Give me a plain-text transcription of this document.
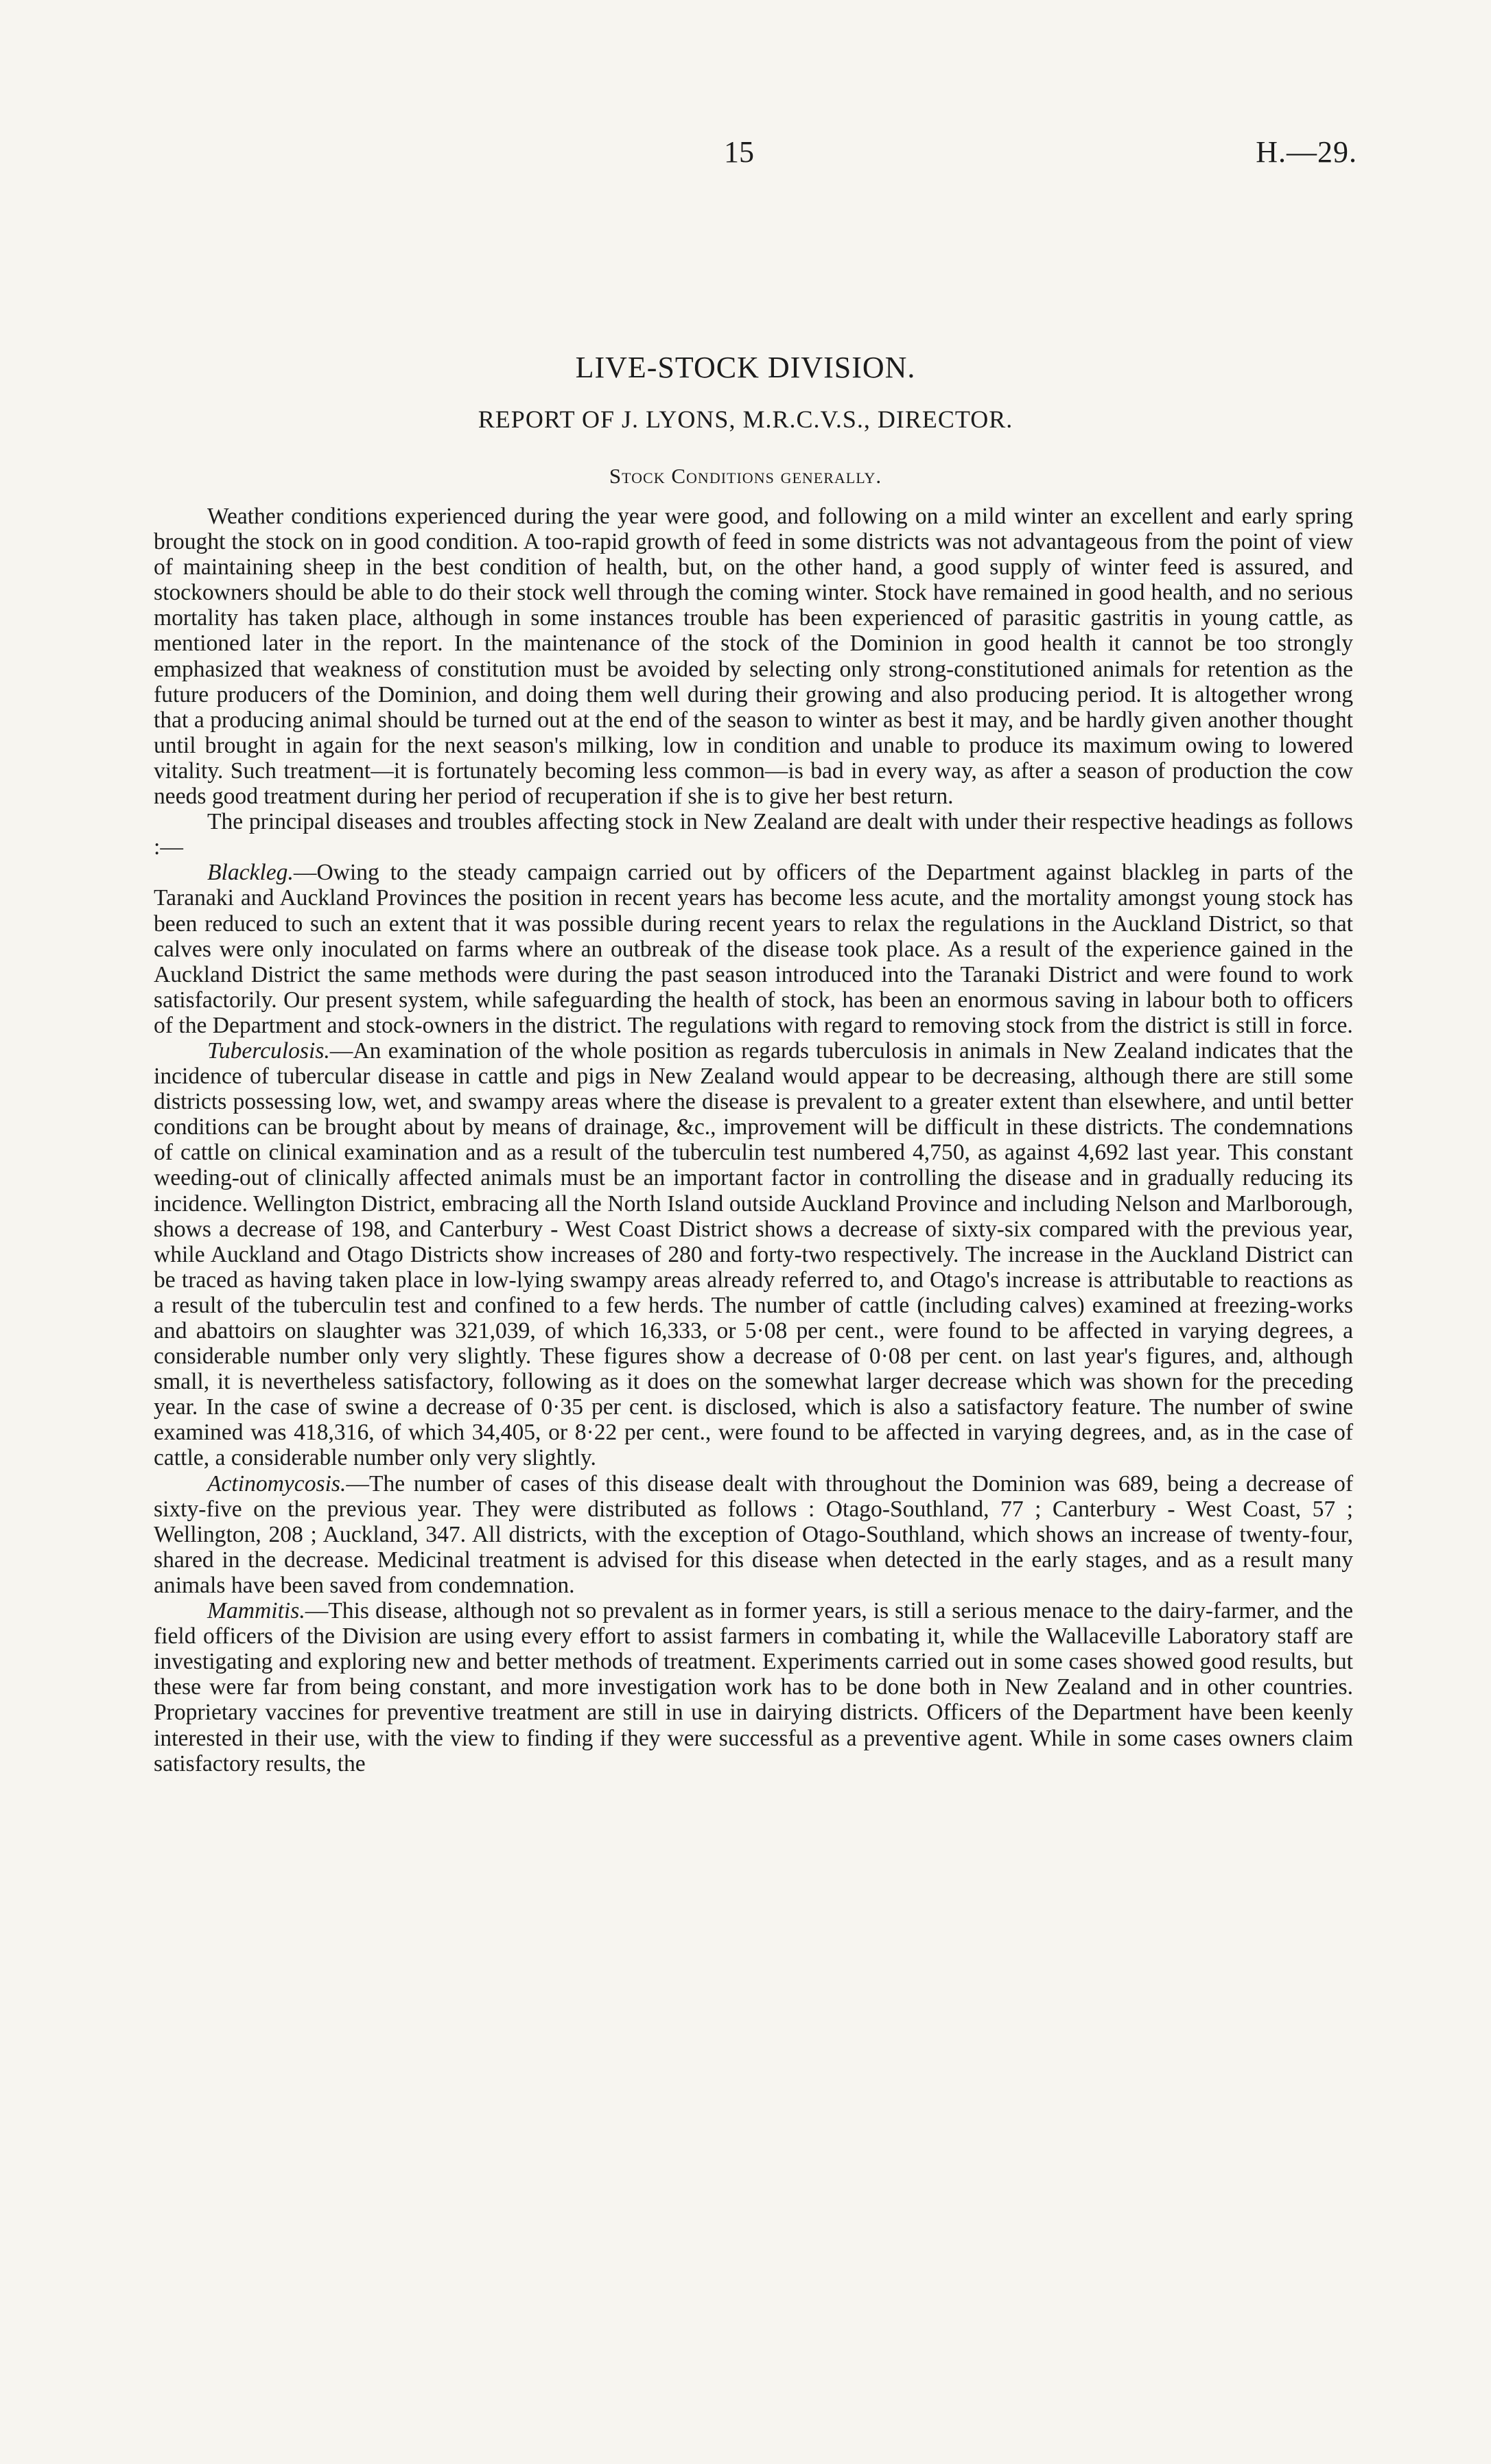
15	H.—29.
LIVE-STOCK DIVISION.
REPORT OF J. LYONS, M.R.C.V.S., DIRECTOR.
Stock Conditions generally.

Weather conditions experienced during the year were good, and following on a mild winter an excellent and early spring brought the stock on in good condition. A too-rapid growth of feed in some districts was not advantageous from the point of view of maintaining sheep in the best condition of health, but, on the other hand, a good supply of winter feed is assured, and stockowners should be able to do their stock well through the coming winter. Stock have remained in good health, and no serious mortality has taken place, although in some instances trouble has been experienced of parasitic gastritis in young cattle, as mentioned later in the report. In the maintenance of the stock of the Dominion in good health it cannot be too strongly emphasized that weakness of constitution must be avoided by selecting only strong-constitutioned animals for retention as the future producers of the Dominion, and doing them well during their growing and also producing period. It is altogether wrong that a producing animal should be turned out at the end of the season to winter as best it may, and be hardly given another thought until brought in again for the next season's milking, low in condition and unable to produce its maximum owing to lowered vitality. Such treatment—it is fortunately becoming less common—is bad in every way, as after a season of production the cow needs good treatment during her period of recuperation if she is to give her best return.

The principal diseases and troubles affecting stock in New Zealand are dealt with under their respective headings as follows :—

Blackleg.—Owing to the steady campaign carried out by officers of the Department against blackleg in parts of the Taranaki and Auckland Provinces the position in recent years has become less acute, and the mortality amongst young stock has been reduced to such an extent that it was possible during recent years to relax the regulations in the Auckland District, so that calves were only inoculated on farms where an outbreak of the disease took place. As a result of the experience gained in the Auckland District the same methods were during the past season introduced into the Taranaki District and were found to work satisfactorily. Our present system, while safeguarding the health of stock, has been an enormous saving in labour both to officers of the Department and stock-owners in the district. The regulations with regard to removing stock from the district is still in force.

Tuberculosis.—An examination of the whole position as regards tuberculosis in animals in New Zealand indicates that the incidence of tubercular disease in cattle and pigs in New Zealand would appear to be decreasing, although there are still some districts possessing low, wet, and swampy areas where the disease is prevalent to a greater extent than elsewhere, and until better conditions can be brought about by means of drainage, &c., improvement will be difficult in these districts. The condemnations of cattle on clinical examination and as a result of the tuberculin test numbered 4,750, as against 4,692 last year. This constant weeding-out of clinically affected animals must be an important factor in controlling the disease and in gradually reducing its incidence. Wellington District, embracing all the North Island outside Auckland Province and including Nelson and Marlborough, shows a decrease of 198, and Canterbury - West Coast District shows a decrease of sixty-six compared with the previous year, while Auckland and Otago Districts show increases of 280 and forty-two respectively. The increase in the Auckland District can be traced as having taken place in low-lying swampy areas already referred to, and Otago's increase is attributable to reactions as a result of the tuberculin test and confined to a few herds. The number of cattle (including calves) examined at freezing-works and abattoirs on slaughter was 321,039, of which 16,333, or 5·08 per cent., were found to be affected in varying degrees, a considerable number only very slightly. These figures show a decrease of 0·08 per cent. on last year's figures, and, although small, it is nevertheless satisfactory, following as it does on the somewhat larger decrease which was shown for the preceding year. In the case of swine a decrease of 0·35 per cent. is disclosed, which is also a satisfactory feature. The number of swine examined was 418,316, of which 34,405, or 8·22 per cent., were found to be affected in varying degrees, and, as in the case of cattle, a considerable number only very slightly.

Actinomycosis.—The number of cases of this disease dealt with throughout the Dominion was 689, being a decrease of sixty-five on the previous year. They were distributed as follows : Otago-Southland, 77 ; Canterbury - West Coast, 57 ; Wellington, 208 ; Auckland, 347. All districts, with the exception of Otago-Southland, which shows an increase of twenty-four, shared in the decrease. Medicinal treatment is advised for this disease when detected in the early stages, and as a result many animals have been saved from condemnation.

Mammitis.—This disease, although not so prevalent as in former years, is still a serious menace to the dairy-farmer, and the field officers of the Division are using every effort to assist farmers in combating it, while the Wallaceville Laboratory staff are investigating and exploring new and better methods of treatment. Experiments carried out in some cases showed good results, but these were far from being constant, and more investigation work has to be done both in New Zealand and in other countries. Proprietary vaccines for preventive treatment are still in use in dairying districts. Officers of the Department have been keenly interested in their use, with the view to finding if they were successful as a preventive agent. While in some cases owners claim satisfactory results, the
